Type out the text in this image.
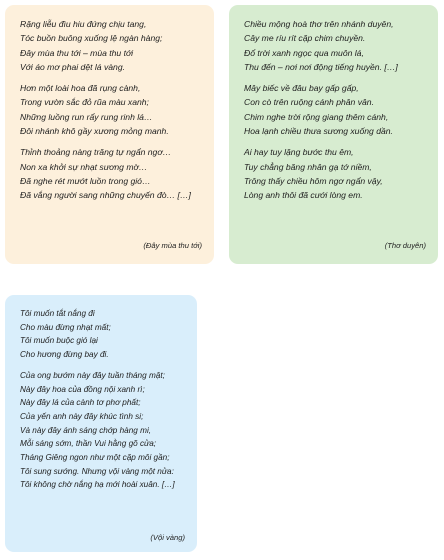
Rặng liễu đìu hiu đứng chịu tang,
Tóc buồn buông xuống lệ ngàn hàng;
Đây mùa thu tới – mùa thu tới
Với áo mơ phai dệt lá vàng.
Hơn một loài hoa đã rụng cành,
Trong vườn sắc đỏ rũa màu xanh;
Những luồng run rẩy rung rinh lá…
Đôi nhánh khô gầy xương mỏng manh.
Thỉnh thoảng nàng trăng tự ngẩn ngơ…
Non xa khởi sự nhạt sương mờ…
Đã nghe rét mướt luồn trong gió…
Đã vắng người sang những chuyến đò… […]
(Đây mùa thu tới)
Chiều mộng hoà thơ trên nhánh duyên,
Cây me ríu rít cặp chim chuyền.
Đổ trời xanh ngọc qua muôn lá,
Thu đến – nơi nơi động tiếng huyền. […]
Mây biếc về đâu bay gấp gấp,
Con cò trên ruộng cánh phân vân.
Chim nghe trời rộng giang thêm cánh,
Hoa lạnh chiều thưa sương xuống dần.
Ai hay tuy lặng bước thu êm,
Tuy chẳng băng nhân gạ tớ niềm,
Trông thấy chiều hôm ngơ ngẩn vậy,
Lòng anh thôi đã cưới lòng em.
(Thơ duyên)
Tôi muốn tắt nắng đi
Cho màu đừng nhạt mất;
Tôi muốn buộc gió lại
Cho hương đừng bay đi.
Của ong bướm này đây tuần tháng mật;
Này đây hoa của đồng nội xanh rì;
Này đây lá của cành tơ phơ phất;
Của yến anh này đây khúc tình si;
Và này đây ánh sáng chớp hàng mi,
Mỗi sáng sớm, thần Vui hằng gõ cửa;
Tháng Giêng ngon như một cặp môi gần;
Tôi sung sướng. Nhưng vội vàng một nửa:
Tôi không chờ nắng hạ mới hoài xuân. […]
(Vội vàng)
